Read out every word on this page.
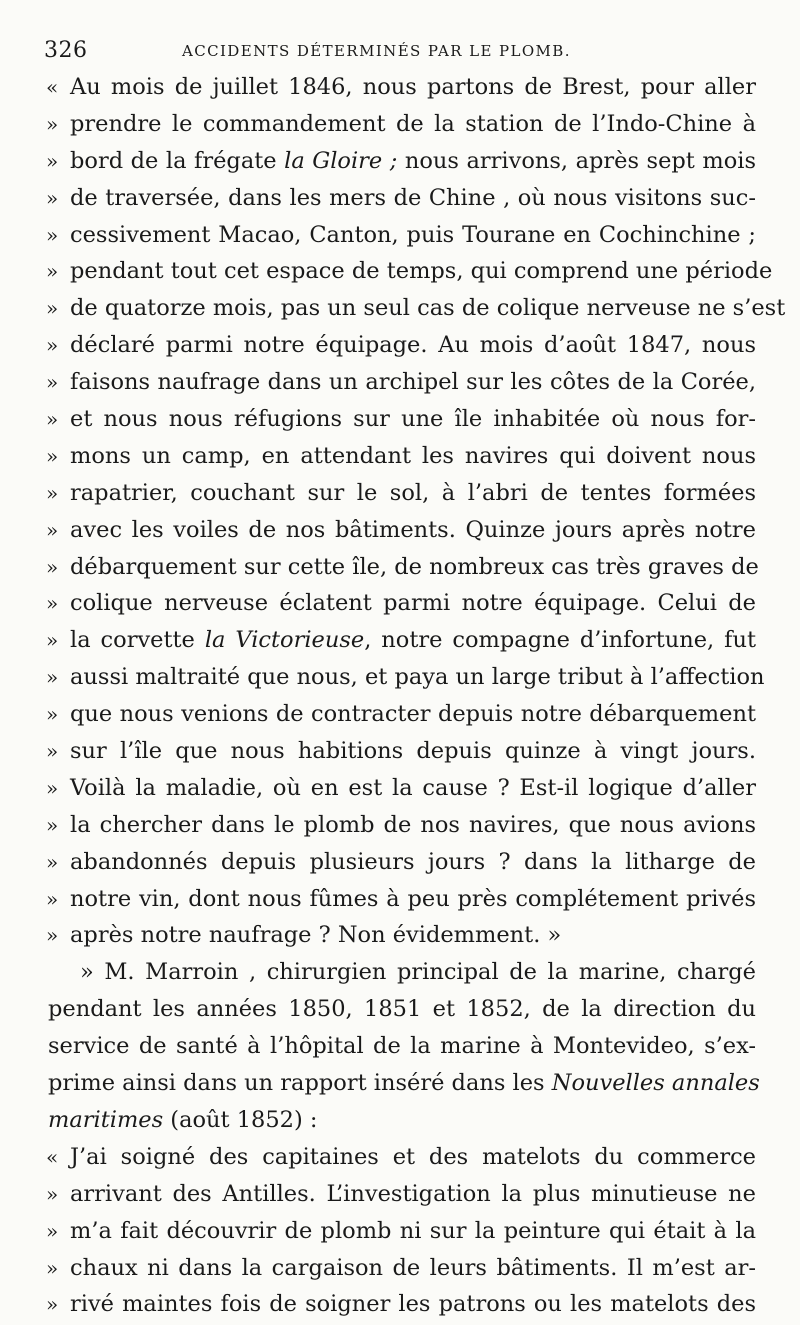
326	ACCIDENTS DÉTERMINÉS PAR LE PLOMB.
« Au mois de juillet 1846, nous partons de Brest, pour aller
» prendre le commandement de la station de l’Indo-Chine à
» bord de la frégate la Gloire ; nous arrivons, après sept mois
» de traversée, dans les mers de Chine , où nous visitons suc-
» cessivement Macao, Canton, puis Tourane en Cochinchine ;
» pendant tout cet espace de temps, qui comprend une période
» de quatorze mois, pas un seul cas de colique nerveuse ne s’est
» déclaré parmi notre équipage. Au mois d’août 1847, nous
» faisons naufrage dans un archipel sur les côtes de la Corée,
» et nous nous réfugions sur une île inhabitée où nous for-
» mons un camp, en attendant les navires qui doivent nous
» rapatrier, couchant sur le sol, à l’abri de tentes formées
» avec les voiles de nos bâtiments. Quinze jours après notre
» débarquement sur cette île, de nombreux cas très graves de
» colique nerveuse éclatent parmi notre équipage. Celui de
» la corvette la Victorieuse, notre compagne d’infortune, fut
» aussi maltraité que nous, et paya un large tribut à l’affection
» que nous venions de contracter depuis notre débarquement
» sur l’île que nous habitions depuis quinze à vingt jours.
» Voilà la maladie, où en est la cause ? Est-il logique d’aller
» la chercher dans le plomb de nos navires, que nous avions
» abandonnés depuis plusieurs jours ? dans la litharge de
» notre vin, dont nous fûmes à peu près complétement privés
» après notre naufrage ? Non évidemment. »
» M. Marroin , chirurgien principal de la marine, chargé
pendant les années 1850, 1851 et 1852, de la direction du
service de santé à l’hôpital de la marine à Montevideo, s’ex-
prime ainsi dans un rapport inséré dans les Nouvelles annales
maritimes (août 1852) :
« J’ai soigné des capitaines et des matelots du commerce
» arrivant des Antilles. L’investigation la plus minutieuse ne
» m’a fait découvrir de plomb ni sur la peinture qui était à la
» chaux ni dans la cargaison de leurs bâtiments. Il m’est ar-
» rivé maintes fois de soigner les patrons ou les matelots des
